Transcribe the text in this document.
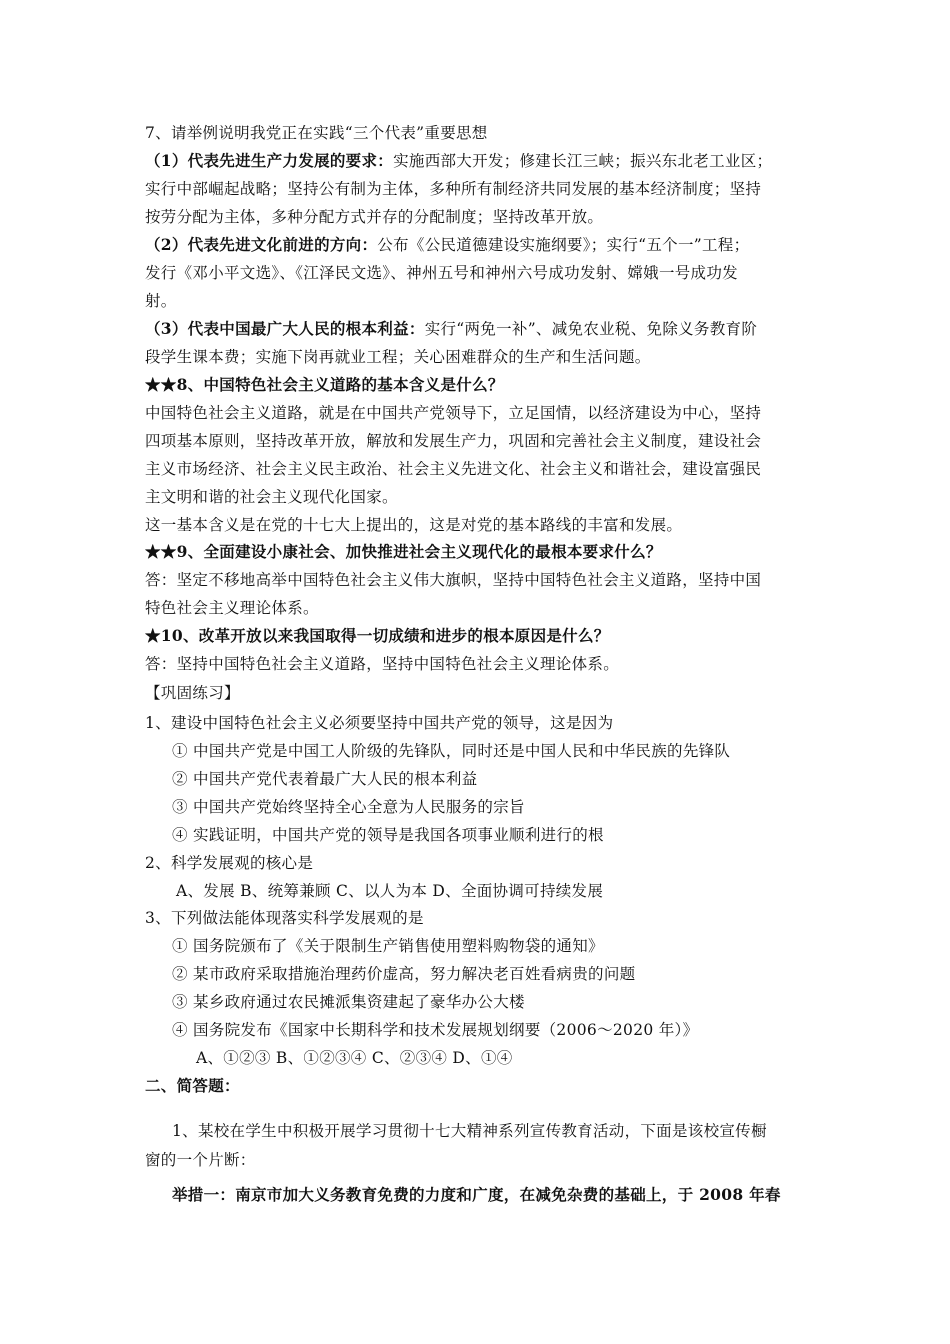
7、请举例说明我党正在实践“三个代表”重要思想
（1）代表先进生产力发展的要求：实施西部大开发；修建长江三峡；振兴东北老工业区；
实行中部崛起战略；坚持公有制为主体，多种所有制经济共同发展的基本经济制度；坚持
按劳分配为主体，多种分配方式并存的分配制度；坚持改革开放。
（2）代表先进文化前进的方向：公布《公民道德建设实施纲要》；实行“五个一”工程；
发行《邓小平文选》、《江泽民文选》、神州五号和神州六号成功发射、嫦娥一号成功发
射。
（3）代表中国最广大人民的根本利益：实行“两免一补”、减免农业税、免除义务教育阶
段学生课本费；实施下岗再就业工程；关心困难群众的生产和生活问题。
★★8、中国特色社会主义道路的基本含义是什么？
中国特色社会主义道路，就是在中国共产党领导下，立足国情，以经济建设为中心，坚持
四项基本原则，坚持改革开放，解放和发展生产力，巩固和完善社会主义制度，建设社会
主义市场经济、社会主义民主政治、社会主义先进文化、社会主义和谐社会，建设富强民
主文明和谐的社会主义现代化国家。
这一基本含义是在党的十七大上提出的，这是对党的基本路线的丰富和发展。
★★9、全面建设小康社会、加快推进社会主义现代化的最根本要求什么？
答：坚定不移地高举中国特色社会主义伟大旗帜，坚持中国特色社会主义道路，坚持中国
特色社会主义理论体系。
★10、改革开放以来我国取得一切成绩和进步的根本原因是什么？
答：坚持中国特色社会主义道路，坚持中国特色社会主义理论体系。
【巩固练习】
1、建设中国特色社会主义必须要坚持中国共产党的领导，这是因为
① 中国共产党是中国工人阶级的先锋队，同时还是中国人民和中华民族的先锋队
② 中国共产党代表着最广大人民的根本利益
③ 中国共产党始终坚持全心全意为人民服务的宗旨
④ 实践证明，中国共产党的领导是我国各项事业顺利进行的根
2、科学发展观的核心是
A、发展 B、统筹兼顾 C、以人为本 D、全面协调可持续发展
3、下列做法能体现落实科学发展观的是
① 国务院颁布了《关于限制生产销售使用塑料购物袋的通知》
② 某市政府采取措施治理药价虚高，努力解决老百姓看病贵的问题
③ 某乡政府通过农民摊派集资建起了豪华办公大楼
④ 国务院发布《国家中长期科学和技术发展规划纲要（2006～2020 年）》
A、①②③ B、①②③④ C、②③④ D、①④
二、简答题：
1、某校在学生中积极开展学习贯彻十七大精神系列宣传教育活动，下面是该校宣传橱
窗的一个片断：
举措一：南京市加大义务教育免费的力度和广度，在减免杂费的基础上，于 2008 年春
